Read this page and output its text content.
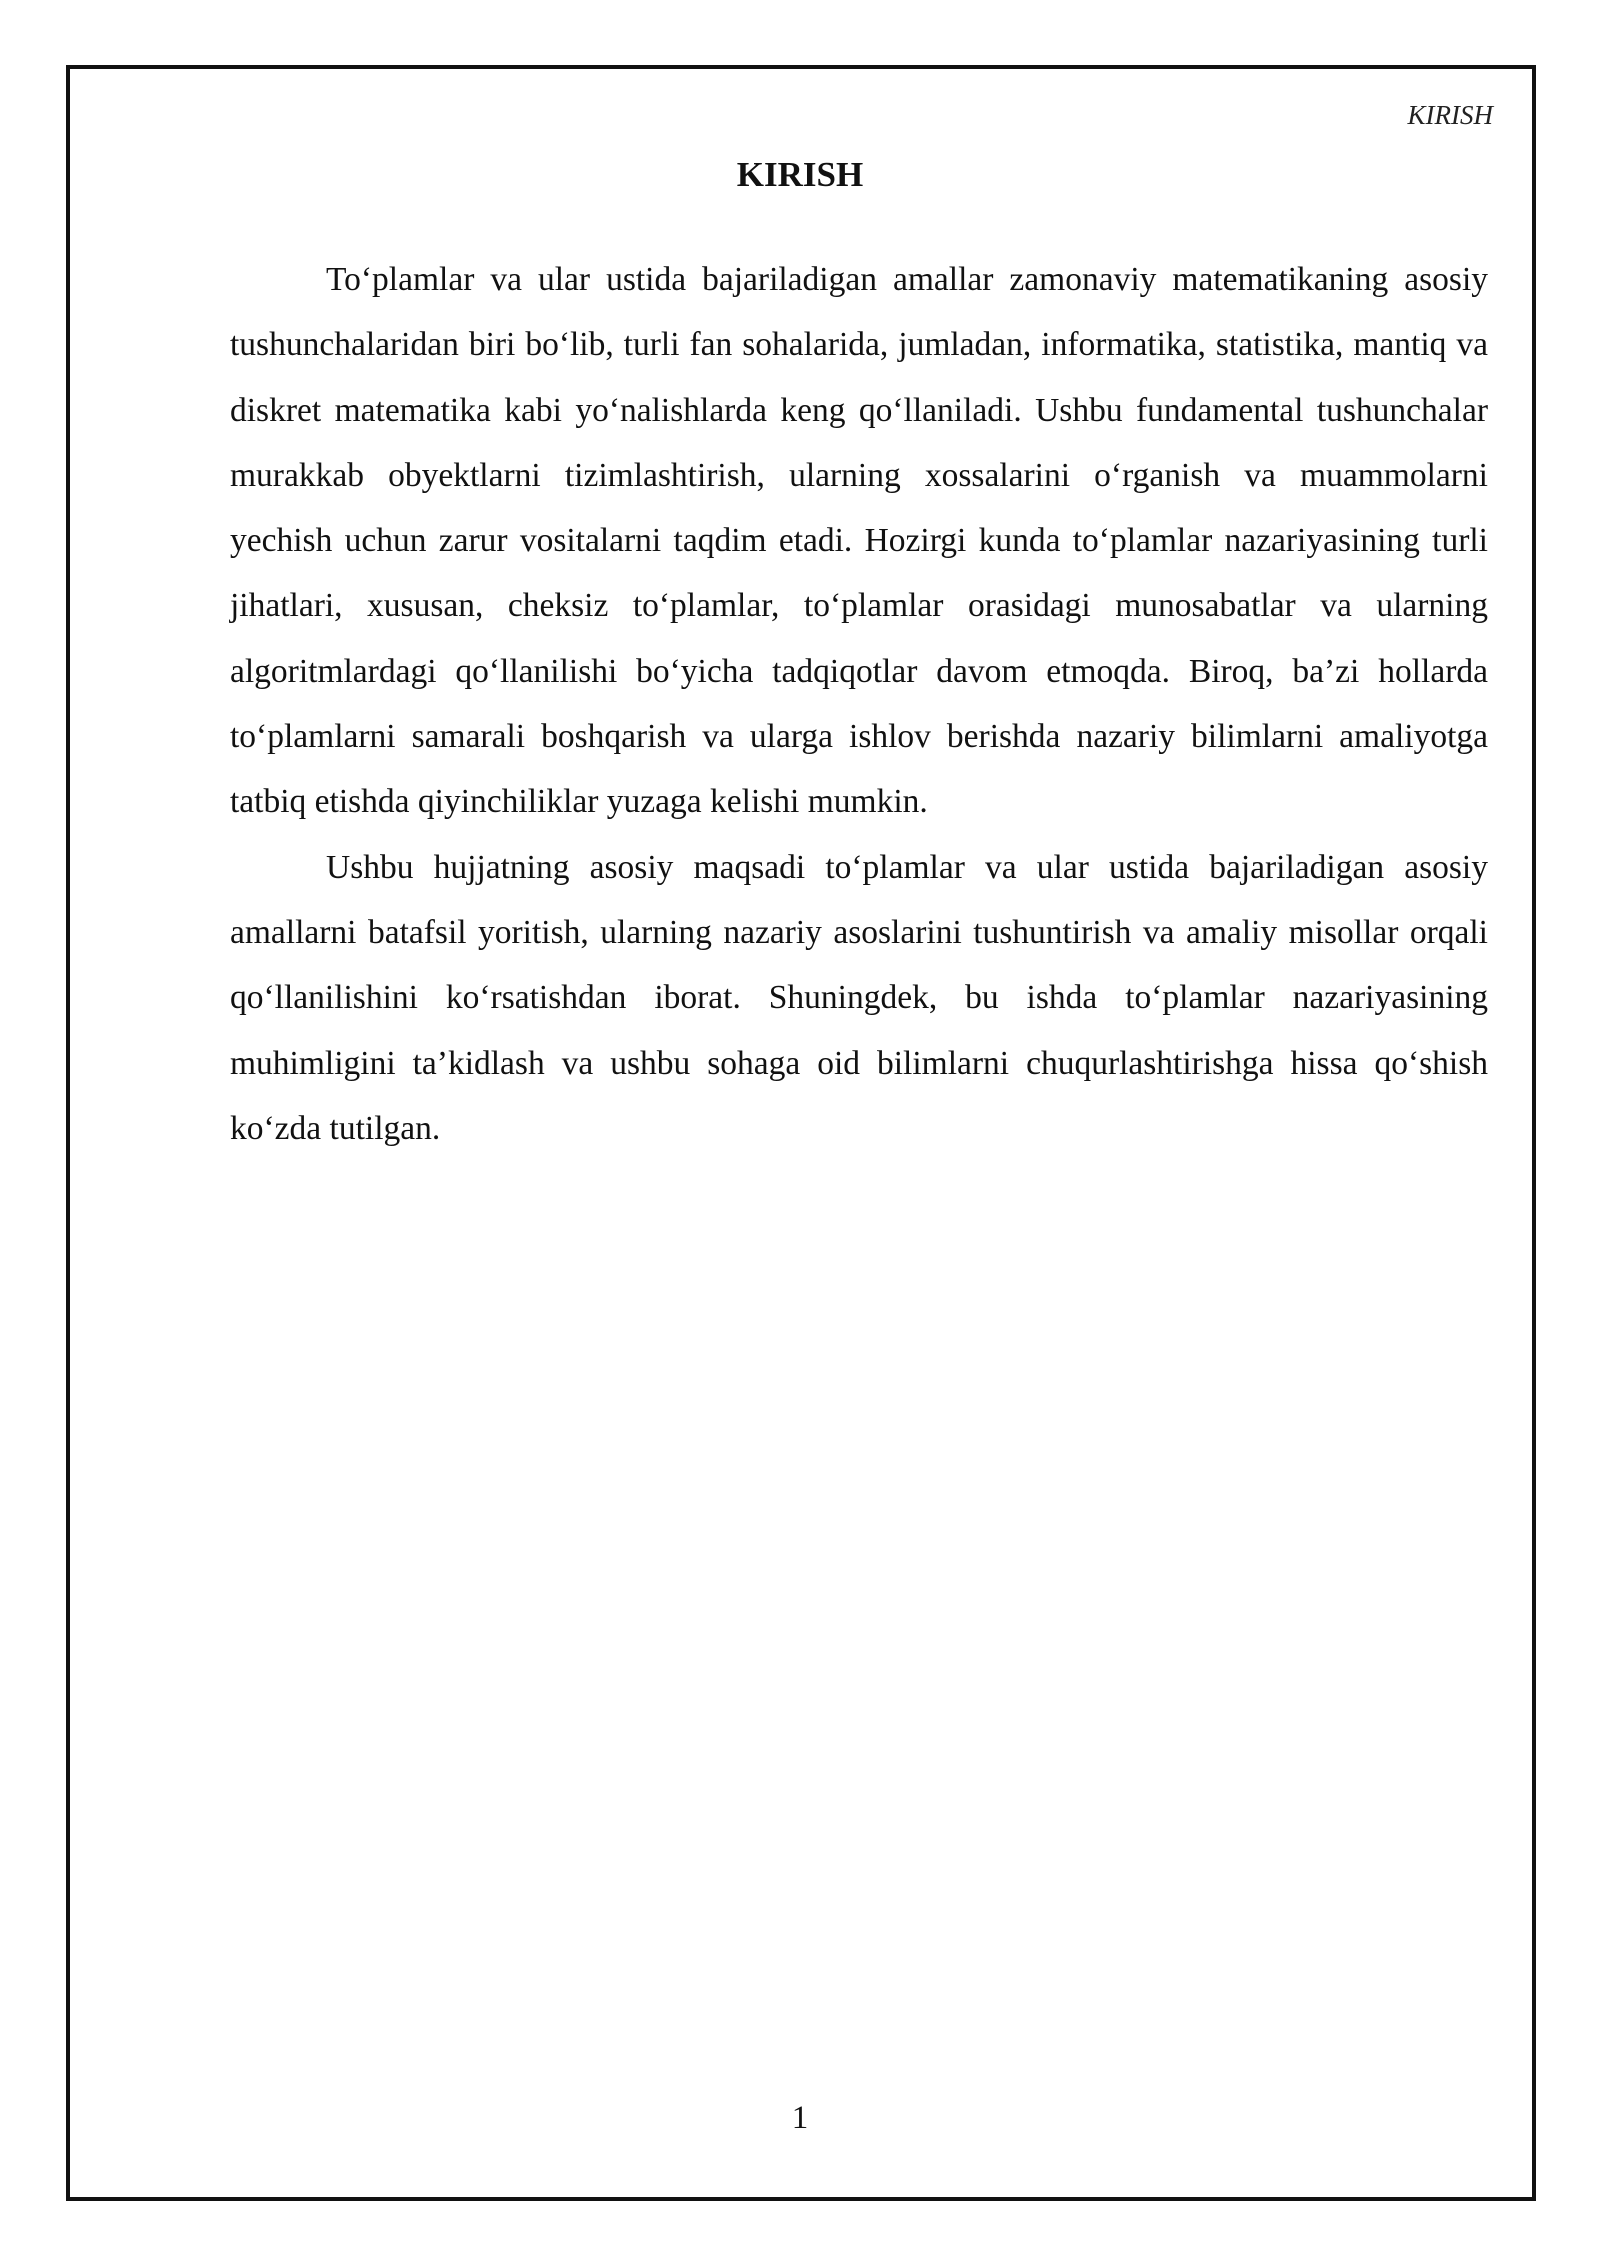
KIRISH
KIRISH

To‘plamlar va ular ustida bajariladigan amallar zamonaviy matematikaning asosiy tushunchalaridan biri bo‘lib, turli fan sohalarida, jumladan, informatika, statistika, mantiq va diskret matematika kabi yo‘nalishlarda keng qo‘llaniladi. Ushbu fundamental tushunchalar murakkab obyektlarni tizimlashtirish, ularning xossalarini o‘rganish va muammolarni yechish uchun zarur vositalarni taqdim etadi. Hozirgi kunda to‘plamlar nazariyasining turli jihatlari, xususan, cheksiz to‘plamlar, to‘plamlar orasidagi munosabatlar va ularning algoritmlardagi qo‘llanilishi bo‘yicha tadqiqotlar davom etmoqda. Biroq, ba’zi hollarda to‘plamlarni samarali boshqarish va ularga ishlov berishda nazariy bilimlarni amaliyotga tatbiq etishda qiyinchiliklar yuzaga kelishi mumkin.

Ushbu hujjatning asosiy maqsadi to‘plamlar va ular ustida bajariladigan asosiy amallarni batafsil yoritish, ularning nazariy asoslarini tushuntirish va amaliy misollar orqali qo‘llanilishini ko‘rsatishdan iborat. Shuningdek, bu ishda to‘plamlar nazariyasining muhimligini ta’kidlash va ushbu sohaga oid bilimlarni chuqurlashtirishga hissa qo‘shish ko‘zda tutilgan.

1
